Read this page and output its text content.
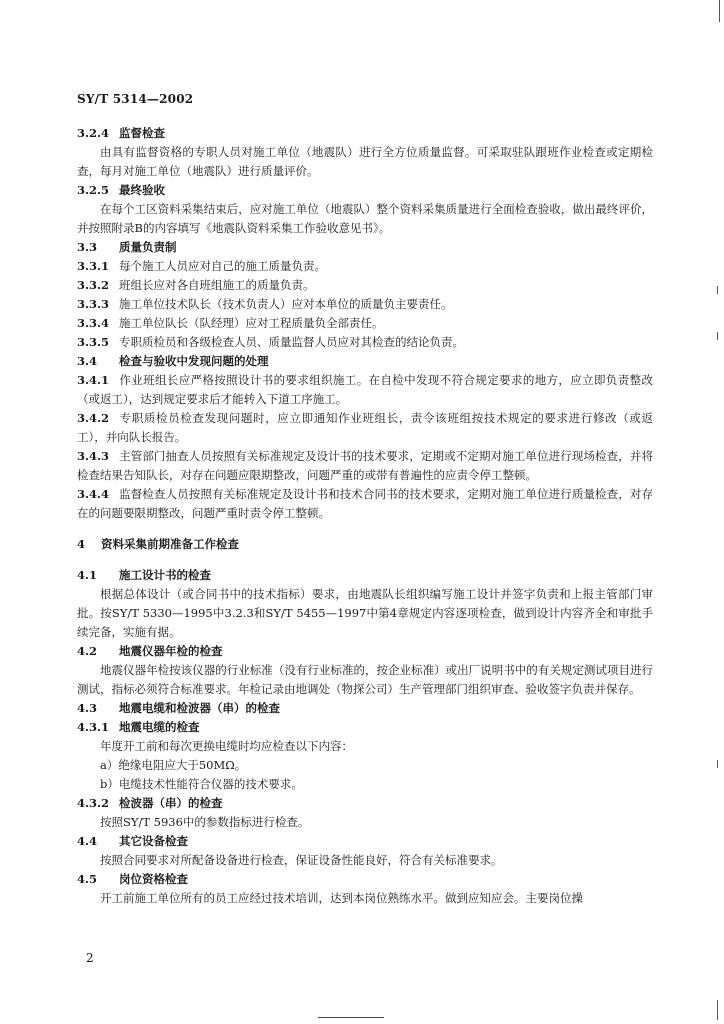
SY/T 5314—2002
3.2.4 监督检查
由具有监督资格的专职人员对施工单位（地震队）进行全方位质量监督。可采取驻队跟班作业检查或定期检查，每月对施工单位（地震队）进行质量评价。
3.2.5 最终验收
在每个工区资料采集结束后，应对施工单位（地震队）整个资料采集质量进行全面检查验收，做出最终评价，并按照附录B的内容填写《地震队资料采集工作验收意见书》。
3.3 质量负责制
3.3.1 每个施工人员应对自己的施工质量负责。
3.3.2 班组长应对各自班组施工的质量负责。
3.3.3 施工单位技术队长（技术负责人）应对本单位的质量负主要责任。
3.3.4 施工单位队长（队经理）应对工程质量负全部责任。
3.3.5 专职质检员和各级检查人员、质量监督人员应对其检查的结论负责。
3.4 检查与验收中发现问题的处理
3.4.1 作业班组长应严格按照设计书的要求组织施工。在自检中发现不符合规定要求的地方，应立即负责整改（或返工），达到规定要求后才能转入下道工序施工。
3.4.2 专职质检员检查发现问题时，应立即通知作业班组长，责令该班组按技术规定的要求进行修改（或返工），并向队长报告。
3.4.3 主管部门抽查人员按照有关标准规定及设计书的技术要求，定期或不定期对施工单位进行现场检查，并将检查结果告知队长，对存在问题应限期整改，问题严重的或带有普遍性的应责令停工整顿。
3.4.4 监督检查人员按照有关标准规定及设计书和技术合同书的技术要求，定期对施工单位进行质量检查，对存在的问题要限期整改，问题严重时责令停工整顿。
4 资料采集前期准备工作检查
4.1 施工设计书的检查
根据总体设计（或合同书中的技术指标）要求，由地震队长组织编写施工设计并签字负责和上报主管部门审批。按SY/T 5330—1995中3.2.3和SY/T 5455—1997中第4章规定内容逐项检查，做到设计内容齐全和审批手续完备，实施有据。
4.2 地震仪器年检的检查
地震仪器年检按该仪器的行业标准（没有行业标准的，按企业标准）或出厂说明书中的有关规定测试项目进行测试，指标必须符合标准要求。年检记录由地调处（物探公司）生产管理部门组织审查、验收签字负责并保存。
4.3 地震电缆和检波器（串）的检查
4.3.1 地震电缆的检查
年度开工前和每次更换电缆时均应检查以下内容：
a）绝缘电阻应大于50MΩ。
b）电缆技术性能符合仪器的技术要求。
4.3.2 检波器（串）的检查
按照SY/T 5936中的参数指标进行检查。
4.4 其它设备检查
按照合同要求对所配备设备进行检查，保证设备性能良好，符合有关标准要求。
4.5 岗位资格检查
开工前施工单位所有的员工应经过技术培训，达到本岗位熟练水平。做到应知应会。主要岗位操
2
